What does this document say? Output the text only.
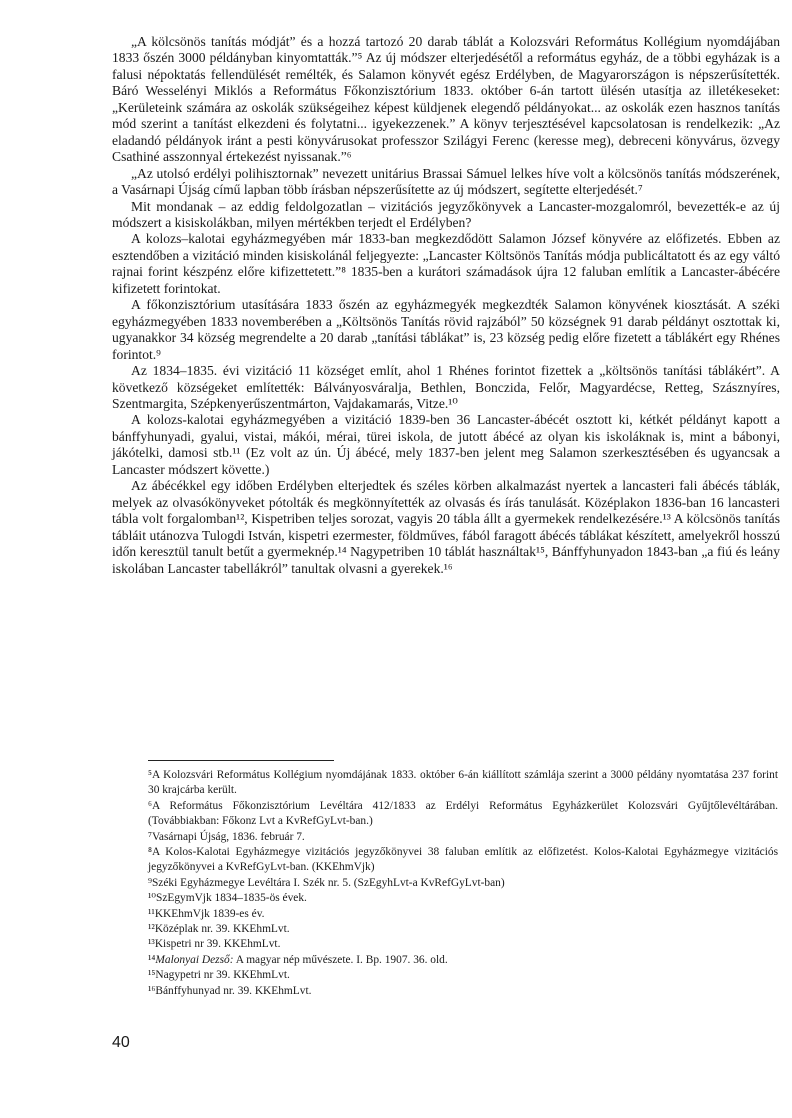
„A kölcsönös tanítás módját” és a hozzá tartozó 20 darab táblát a Kolozsvári Református Kollégium nyomdájában 1833 őszén 3000 példányban kinyomtatták.”⁵ Az új módszer elterjedésétől a református egyház, de a többi egyházak is a falusi népoktatás fellendülését remélték, és Salamon könyvét egész Erdélyben, de Magyarországon is népszerűsítették. Báró Wesselényi Miklós a Református Főkonzisztórium 1833. október 6-án tartott ülésén utasítja az illetékeseket: „Kerületeink számára az oskolák szükségeihez képest küldjenek elegendő példányokat... az oskolák ezen hasznos tanítás mód szerint a tanítást elkezdeni és folytatni... igyekezzenek.” A könyv terjesztésével kapcsolatosan is rendelkezik: „Az eladandó példányok iránt a pesti könyvárusokat professzor Szilágyi Ferenc (keresse meg), debreceni könyvárus, özvegy Csathiné asszonnyal értekezést nyissanak.”⁶

„Az utolsó erdélyi polihisztornak” nevezett unitárius Brassai Sámuel lelkes híve volt a kölcsönös tanítás módszerének, a Vasárnapi Újság című lapban több írásban népszerűsítette az új módszert, segítette elterjedését.⁷

Mit mondanak – az eddig feldolgozatlan – vizitációs jegyzőkönyvek a Lancaster-mozgalomról, bevezették-e az új módszert a kisiskolákban, milyen mértékben terjedt el Erdélyben?

A kolozs–kalotai egyházmegyében már 1833-ban megkezdődött Salamon József könyvére az előfizetés. Ebben az esztendőben a vizitáció minden kisiskolánál feljegyezte: „Lancaster Költsönös Tanítás módja publicáltatott és az egy váltó rajnai forint készpénz előre kifizettetett.”⁸ 1835-ben a kurátori számadások újra 12 faluban említik a Lancaster-ábécére kifizetett forintokat.

A főkonzisztórium utasítására 1833 őszén az egyházmegyék megkezdték Salamon könyvének kiosztását. A széki egyházmegyében 1833 novemberében a „Költsönös Tanítás rövid rajzából” 50 községnek 91 darab példányt osztottak ki, ugyanakkor 34 község megrendelte a 20 darab „tanítási táblákat” is, 23 község pedig előre fizetett a táblákért egy Rhénes forintot.⁹

Az 1834–1835. évi vizitáció 11 községet említ, ahol 1 Rhénes forintot fizettek a „költsönös tanítási táblákért”. A következő községeket említették: Bálványosváralja, Bethlen, Bonczida, Felőr, Magyardécse, Retteg, Szásznyíres, Szentmargita, Szépkenyerűszentmárton, Vajdakamarás, Vitze.¹⁰

A kolozs-kalotai egyházmegyében a vizitáció 1839-ben 36 Lancaster-ábécét osztott ki, kétkét példányt kapott a bánffyhunyadi, gyalui, vistai, mákói, mérai, türei iskola, de jutott ábécé az olyan kis iskoláknak is, mint a bábonyi, jákótelki, damosi stb.¹¹ (Ez volt az ún. Új ábécé, mely 1837-ben jelent meg Salamon szerkesztésében és ugyancsak a Lancaster módszert követte.)

Az ábécékkel egy időben Erdélyben elterjedtek és széles körben alkalmazást nyertek a lancasteri fali ábécés táblák, melyek az olvasókönyveket pótolták és megkönnyítették az olvasás és írás tanulását. Középlakon 1836-ban 16 lancasteri tábla volt forgalomban¹², Kispetriben teljes sorozat, vagyis 20 tábla állt a gyermekek rendelkezésére.¹³ A kölcsönös tanítás tábláit utánozva Tulogdi István, kispetri ezermester, földműves, fából faragott ábécés táblákat készített, amelyekről hosszú időn keresztül tanult betűt a gyermeknép.¹⁴ Nagypetriben 10 táblát használtak¹⁵, Bánffyhunyadon 1843-ban „a fiú és leány iskolában Lancaster tabellákról” tanultak olvasni a gyerekek.¹⁶

⁵A Kolozsvári Református Kollégium nyomdájának 1833. október 6-án kiállított számlája szerint a 3000 példány nyomtatása 237 forint 30 krajcárba került.

⁶A Református Főkonzisztórium Levéltára 412/1833 az Erdélyi Református Egyházkerület Kolozsvári Gyűjtőlevéltárában. (Továbbiakban: Főkonz Lvt a KvRefGyLvt-ban.)

⁷Vasárnapi Újság, 1836. február 7.

⁸A Kolos-Kalotai Egyházmegye vizitációs jegyzőkönyvei 38 faluban említik az előfizetést. Kolos-Kalotai Egyházmegye vizitációs jegyzőkönyvei a KvRefGyLvt-ban. (KKEhmVjk)

⁹Széki Egyházmegye Levéltára I. Szék nr. 5. (SzEgyhLvt-a KvRefGyLvt-ban)

¹⁰SzEgymVjk 1834–1835-ös évek.

¹¹KKEhmVjk 1839-es év.

¹²Középlak nr. 39. KKEhmLvt.

¹³Kispetri nr 39. KKEhmLvt.

¹⁴Malonyai Dezső: A magyar nép művészete. I. Bp. 1907. 36. old.

¹⁵Nagypetri nr 39. KKEhmLvt.

¹⁶Bánffyhunyad nr. 39. KKEhmLvt.

40
